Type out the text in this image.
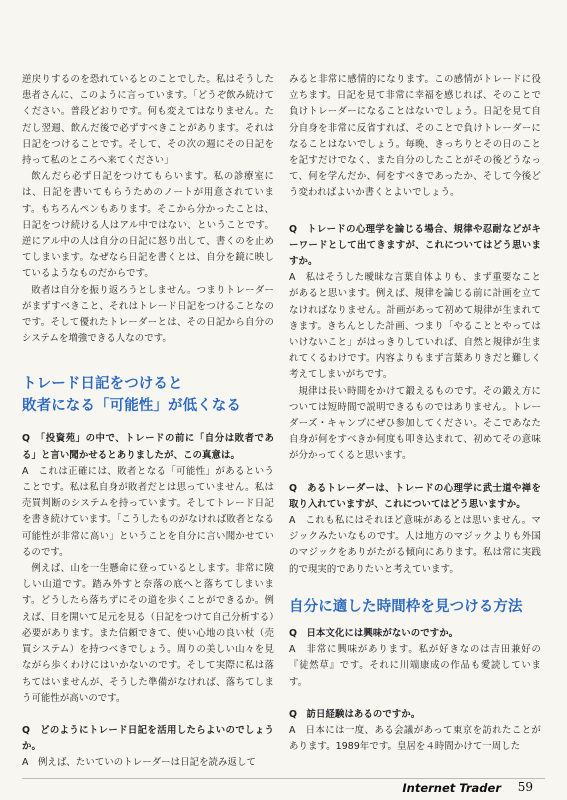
逆戻りするのを恐れているとのことでした。私はそうした患者さんに、このように言っています。「どうぞ飲み続けてください。普段どおりです。何も変えてはなりません。ただし翌週、飲んだ後で必ずすべきことがあります。それは日記をつけることです。そして、その次の週にその日記を持って私のところへ来てください」

飲んだら必ず日記をつけてもらいます。私の診療室には、日記を書いてもらうためのノートが用意されています。もちろんペンもあります。そこから分かったことは、日記をつけ続ける人はアル中ではない、ということです。逆にアル中の人は自分の日記に怒り出して、書くのを止めてしまいます。なぜなら日記を書くとは、自分を鏡に映しているようなものだからです。

敗者は自分を振り返ろうとしません。つまりトレーダーがまずすべきこと、それはトレード日記をつけることなのです。そして優れたトレーダーとは、その日記から自分のシステムを増強できる人なのです。

トレード日記をつけると

敗者になる「可能性」が低くなる

Q　「投資苑」の中で、トレードの前に「自分は敗者である」と言い聞かせるとありましたが、この真意は。

A　これは正確には、敗者となる「可能性」があるということです。私は私自身が敗者だとは思っていません。私は売買判断のシステムを持っています。そしてトレード日記を書き続けています。「こうしたものがなければ敗者となる可能性が非常に高い」ということを自分に言い聞かせているのです。

例えば、山を一生懸命に登っているとします。非常に険しい山道です。踏み外すと奈落の底へと落ちてしまいます。どうしたら落ちずにその道を歩くことができるか。例えば、目を開いて足元を見る（日記をつけて自己分析する）必要があります。また信頼できて、使い心地の良い杖（売買システム）を持つべきでしょう。周りの美しい山々を見ながら歩くわけにはいかないのです。そして実際に私は落ちてはいませんが、そうした準備がなければ、落ちてしまう可能性が高いのです。

Q　どのようにトレード日記を活用したらよいのでしょうか。

A　例えば、たいていのトレーダーは日記を読み返して

みると非常に感情的になります。この感情がトレードに役立ちます。日記を見て非常に幸福を感じれば、そのことで負けトレーダーになることはないでしょう。日記を見て自分自身を非常に反省すれば、そのことで負けトレーダーになることはないでしょう。毎晩、きっちりとその日のことを記すだけでなく、また自分のしたことがその後どうなって、何を学んだか、何をすべきであったか、そして今後どう変わればよいか書くとよいでしょう。

Q　トレードの心理学を論じる場合、規律や忍耐などがキーワードとして出てきますが、これについてはどう思いますか。

A　私はそうした曖昧な言葉自体よりも、まず重要なことがあると思います。例えば、規律を論じる前に計画を立てなければなりません。計画があって初めて規律が生まれてきます。きちんとした計画、つまり「やることとやってはいけないこと」がはっきりしていれば、自然と規律が生まれてくるわけです。内容よりもまず言葉ありきだと難しく考えてしまいがちです。

規律は長い時間をかけて鍛えるものです。その鍛え方については短時間で説明できるものではありません。トレーダーズ・キャンプにぜひ参加してください。そこであなた自身が何をすべきか何度も叩き込まれて、初めてその意味が分かってくると思います。

Q　あるトレーダーは、トレードの心理学に武士道や禅を取り入れていますが、これについてはどう思いますか。

A　これも私にはそれほど意味があるとは思いません。マジックみたいなものです。人は地方のマジックよりも外国のマジックをありがたがる傾向にあります。私は常に実践的で現実的でありたいと考えています。

自分に適した時間枠を見つける方法

Q　日本文化には興味がないのですか。

A　非常に興味があります。私が好きなのは吉田兼好の『徒然草』です。それに川端康成の作品も愛読しています。

Q　訪日経験はあるのですか。

A　日本には一度、ある会議があって東京を訪れたことがあります。1989年です。皇居を４時間かけて一周した

Internet Trader 59
